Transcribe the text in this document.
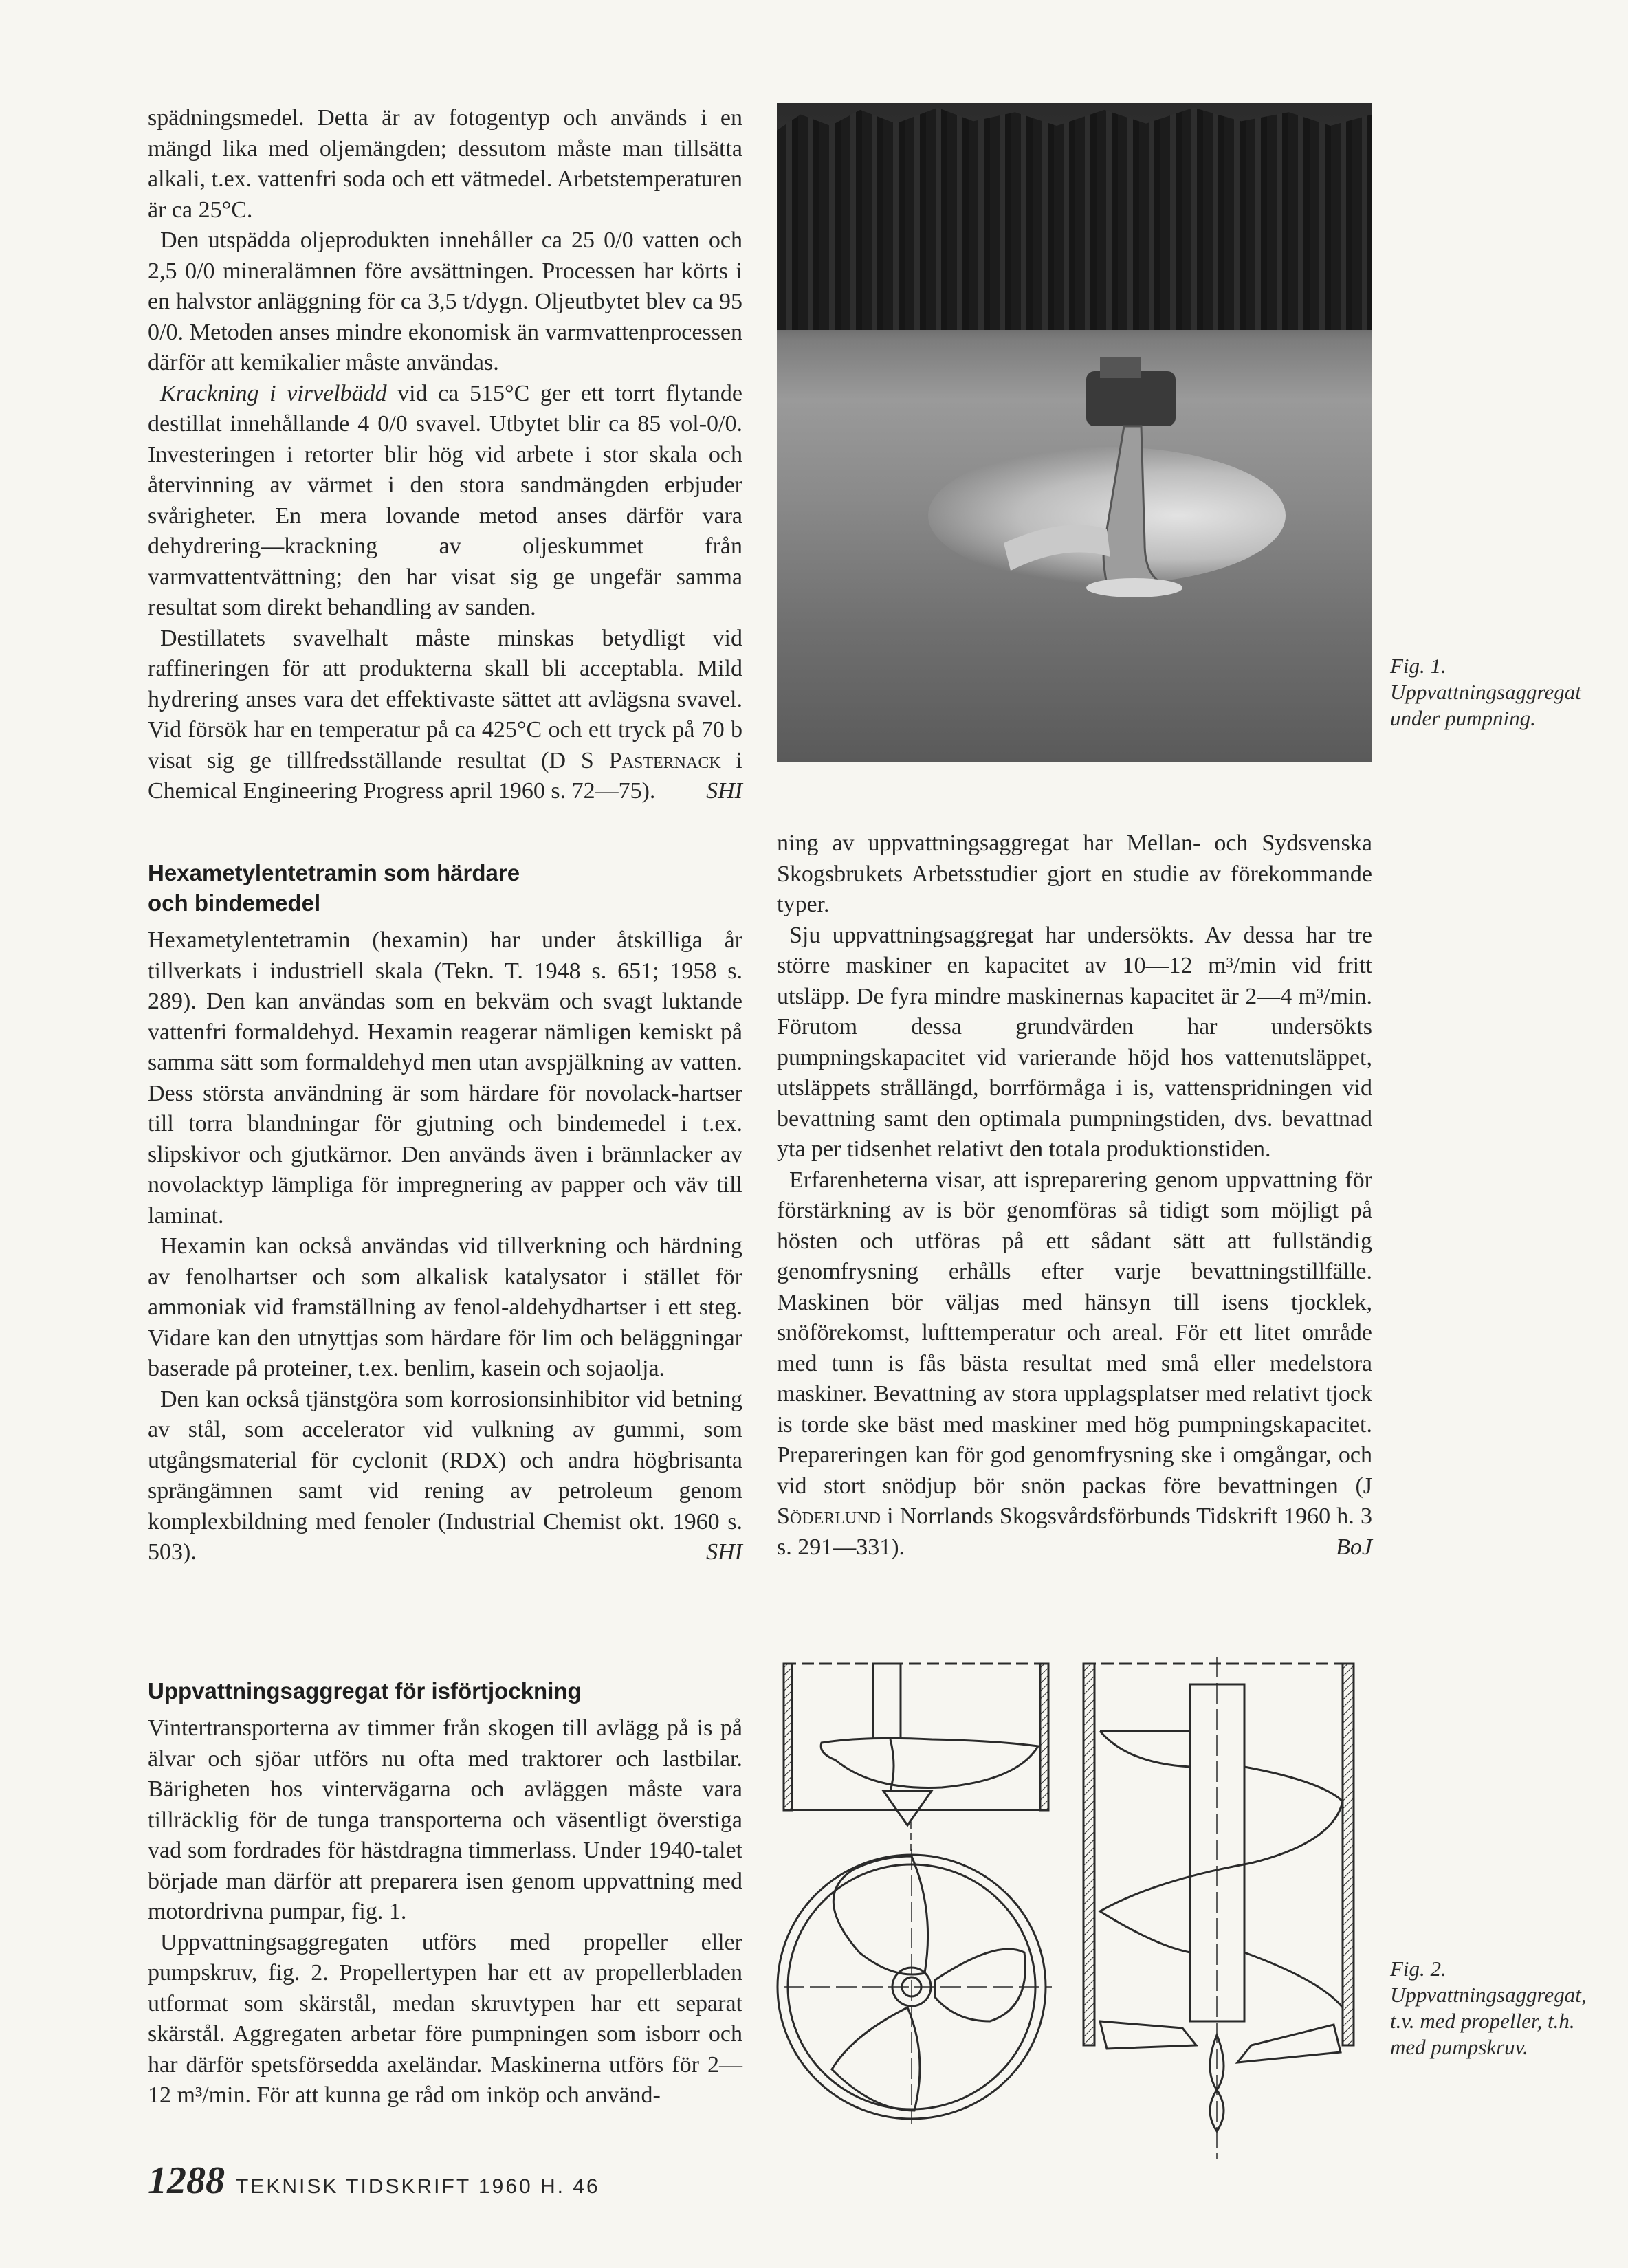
spädningsmedel. Detta är av fotogentyp och används i en mängd lika med oljemängden; dessutom måste man tillsätta alkali, t.ex. vattenfri soda och ett vätmedel. Arbetstemperaturen är ca 25°C.

Den utspädda oljeprodukten innehåller ca 25 0/0 vatten och 2,5 0/0 mineralämnen före avsättningen. Processen har körts i en halvstor anläggning för ca 3,5 t/dygn. Oljeutbytet blev ca 95 0/0. Metoden anses mindre ekonomisk än varmvattenprocessen därför att kemikalier måste användas.

Krackning i virvelbädd vid ca 515°C ger ett torrt flytande destillat innehållande 4 0/0 svavel. Utbytet blir ca 85 vol-0/0. Investeringen i retorter blir hög vid arbete i stor skala och återvinning av värmet i den stora sandmängden erbjuder svårigheter. En mera lovande metod anses därför vara dehydrering—krackning av oljeskummet från varmvattentvättning; den har visat sig ge ungefär samma resultat som direkt behandling av sanden.

Destillatets svavelhalt måste minskas betydligt vid raffineringen för att produkterna skall bli acceptabla. Mild hydrering anses vara det effektivaste sättet att avlägsna svavel. Vid försök har en temperatur på ca 425°C och ett tryck på 70 b visat sig ge tillfredsställande resultat (D S Pasternack i Chemical Engineering Progress april 1960 s. 72—75).	SHI

Hexametylentetramin som härdare
och bindemedel

Hexametylentetramin (hexamin) har under åtskilliga år tillverkats i industriell skala (Tekn. T. 1948 s. 651; 1958 s. 289). Den kan användas som en bekväm och svagt luktande vattenfri formaldehyd. Hexamin reagerar nämligen kemiskt på samma sätt som formaldehyd men utan avspjälkning av vatten. Dess största användning är som härdare för novolack-hartser till torra blandningar för gjutning och bindemedel i t.ex. slipskivor och gjutkärnor. Den används även i brännlacker av novolacktyp lämpliga för impregnering av papper och väv till laminat.

Hexamin kan också användas vid tillverkning och härdning av fenolhartser och som alkalisk katalysator i stället för ammoniak vid framställning av fenol-aldehydhartser i ett steg. Vidare kan den utnyttjas som härdare för lim och beläggningar baserade på proteiner, t.ex. benlim, kasein och sojaolja.

Den kan också tjänstgöra som korrosionsinhibitor vid betning av stål, som accelerator vid vulkning av gummi, som utgångsmaterial för cyclonit (RDX) och andra högbrisanta sprängämnen samt vid rening av petroleum genom komplexbildning med fenoler (Industrial Chemist okt. 1960 s. 503).	SHI

Uppvattningsaggregat för isförtjockning

Vintertransporterna av timmer från skogen till avlägg på is på älvar och sjöar utförs nu ofta med traktorer och lastbilar. Bärigheten hos vintervägarna och avläggen måste vara tillräcklig för de tunga transporterna och väsentligt överstiga vad som fordrades för hästdragna timmerlass. Under 1940-talet började man därför att preparera isen genom uppvattning med motordrivna pumpar, fig. 1.

Uppvattningsaggregaten utförs med propeller eller pumpskruv, fig. 2. Propellertypen har ett av propellerbladen utformat som skärstål, medan skruvtypen har ett separat skärstål. Aggregaten arbetar före pumpningen som isborr och har därför spetsförsedda axeländar. Maskinerna utförs för 2—12 m³/min. För att kunna ge råd om inköp och använd-

Fig. 1. Uppvattningsaggregat under pumpning.

ning av uppvattningsaggregat har Mellan- och Sydsvenska Skogsbrukets Arbetsstudier gjort en studie av förekommande typer.

Sju uppvattningsaggregat har undersökts. Av dessa har tre större maskiner en kapacitet av 10—12 m³/min vid fritt utsläpp. De fyra mindre maskinernas kapacitet är 2—4 m³/min. Förutom dessa grundvärden har undersökts pumpningskapacitet vid varierande höjd hos vattenutsläppet, utsläppets strållängd, borrförmåga i is, vattenspridningen vid bevattning samt den optimala pumpningstiden, dvs. bevattnad yta per tidsenhet relativt den totala produktionstiden.

Erfarenheterna visar, att ispreparering genom uppvattning för förstärkning av is bör genomföras så tidigt som möjligt på hösten och utföras på ett sådant sätt att fullständig genomfrysning erhålls efter varje bevattningstillfälle. Maskinen bör väljas med hänsyn till isens tjocklek, snöförekomst, lufttemperatur och areal. För ett litet område med tunn is fås bästa resultat med små eller medelstora maskiner. Bevattning av stora upplagsplatser med relativt tjock is torde ske bäst med maskiner med hög pumpningskapacitet. Prepareringen kan för god genomfrysning ske i omgångar, och vid stort snödjup bör snön packas före bevattningen (J Söderlund i Norrlands Skogsvårdsförbunds Tidskrift 1960 h. 3 s. 291—331).	BoJ

Fig. 2. Uppvattningsaggregat, t.v. med propeller, t.h. med pumpskruv.
1288 TEKNISK TIDSKRIFT 1960 H. 46
